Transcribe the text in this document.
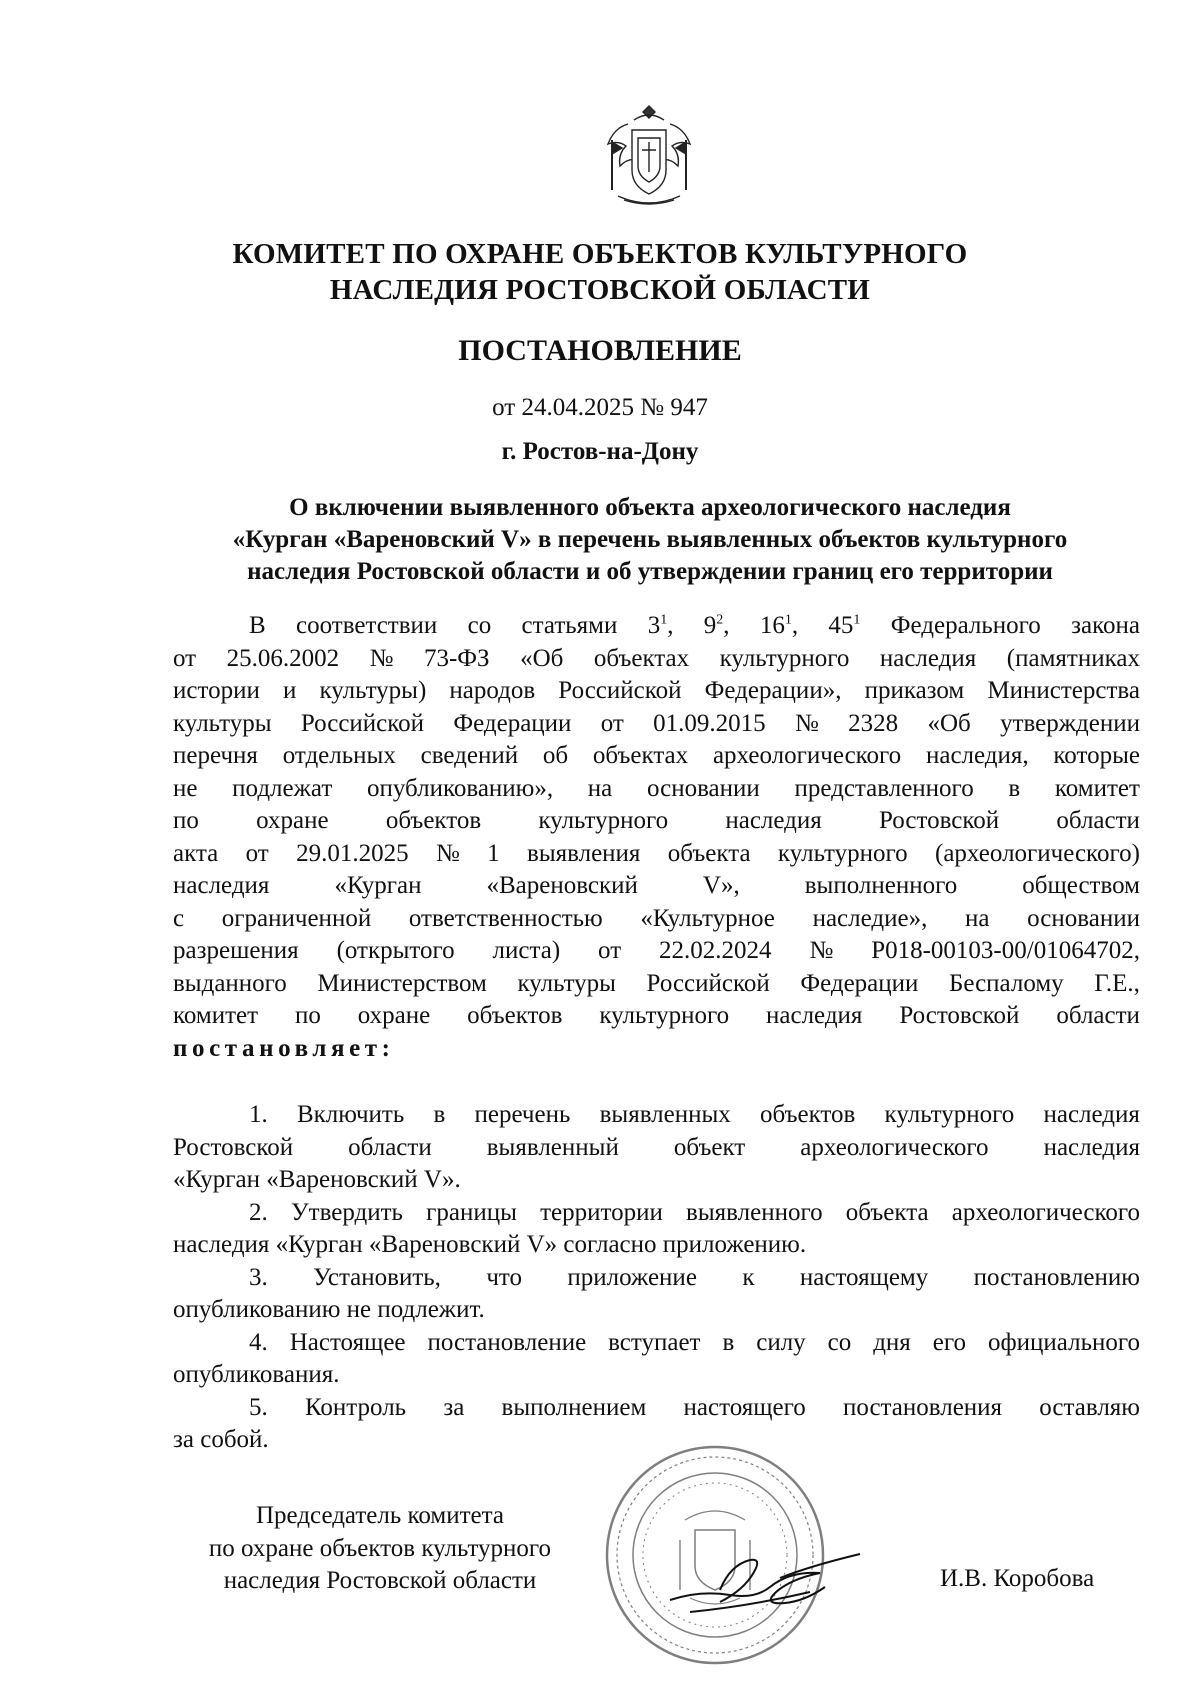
КОМИТЕТ ПО ОХРАНЕ ОБЪЕКТОВ КУЛЬТУРНОГО
НАСЛЕДИЯ РОСТОВСКОЙ ОБЛАСТИ
ПОСТАНОВЛЕНИЕ
от 24.04.2025 № 947
г. Ростов-на-Дону
О включении выявленного объекта археологического наследия
«Курган «Вареновский V» в перечень выявленных объектов культурного
наследия Ростовской области и об утверждении границ его территории
В соответствии со статьями $3^1$, $9^2$, $16^1$, $45^1$ Федерального закона
от 25.06.2002 № 73-ФЗ «Об объектах культурного наследия (памятниках
истории и культуры) народов Российской Федерации», приказом Министерства
культуры Российской Федерации от 01.09.2015 № 2328 «Об утверждении
перечня отдельных сведений об объектах археологического наследия, которые
не подлежат опубликованию», на основании представленного в комитет
по охране объектов культурного наследия Ростовской области
акта от 29.01.2025 № 1 выявления объекта культурного (археологического)
наследия	«Курган	«Вареновский	V»,	выполненного	обществом
с ограниченной ответственностью «Культурное наследие», на основании
разрешения (открытого листа) от 22.02.2024 № Р018-00103-00/01064702,
выданного Министерством культуры Российской Федерации Беспалому Г.Е.,
комитет по охране объектов культурного наследия Ростовской области
постановляет:
1. Включить в перечень выявленных объектов культурного наследия
Ростовской области выявленный объект археологического наследия
«Курган «Вареновский V».
2. Утвердить границы территории выявленного объекта археологического
наследия «Курган «Вареновский V» согласно приложению.
3. Установить, что приложение к настоящему постановлению
опубликованию не подлежит.
4. Настоящее постановление вступает в силу со дня его официального
опубликования.
5. Контроль за выполнением настоящего постановления оставляю
за собой.
Председатель комитета
по охране объектов культурного
наследия Ростовской области	И.В. Коробова
